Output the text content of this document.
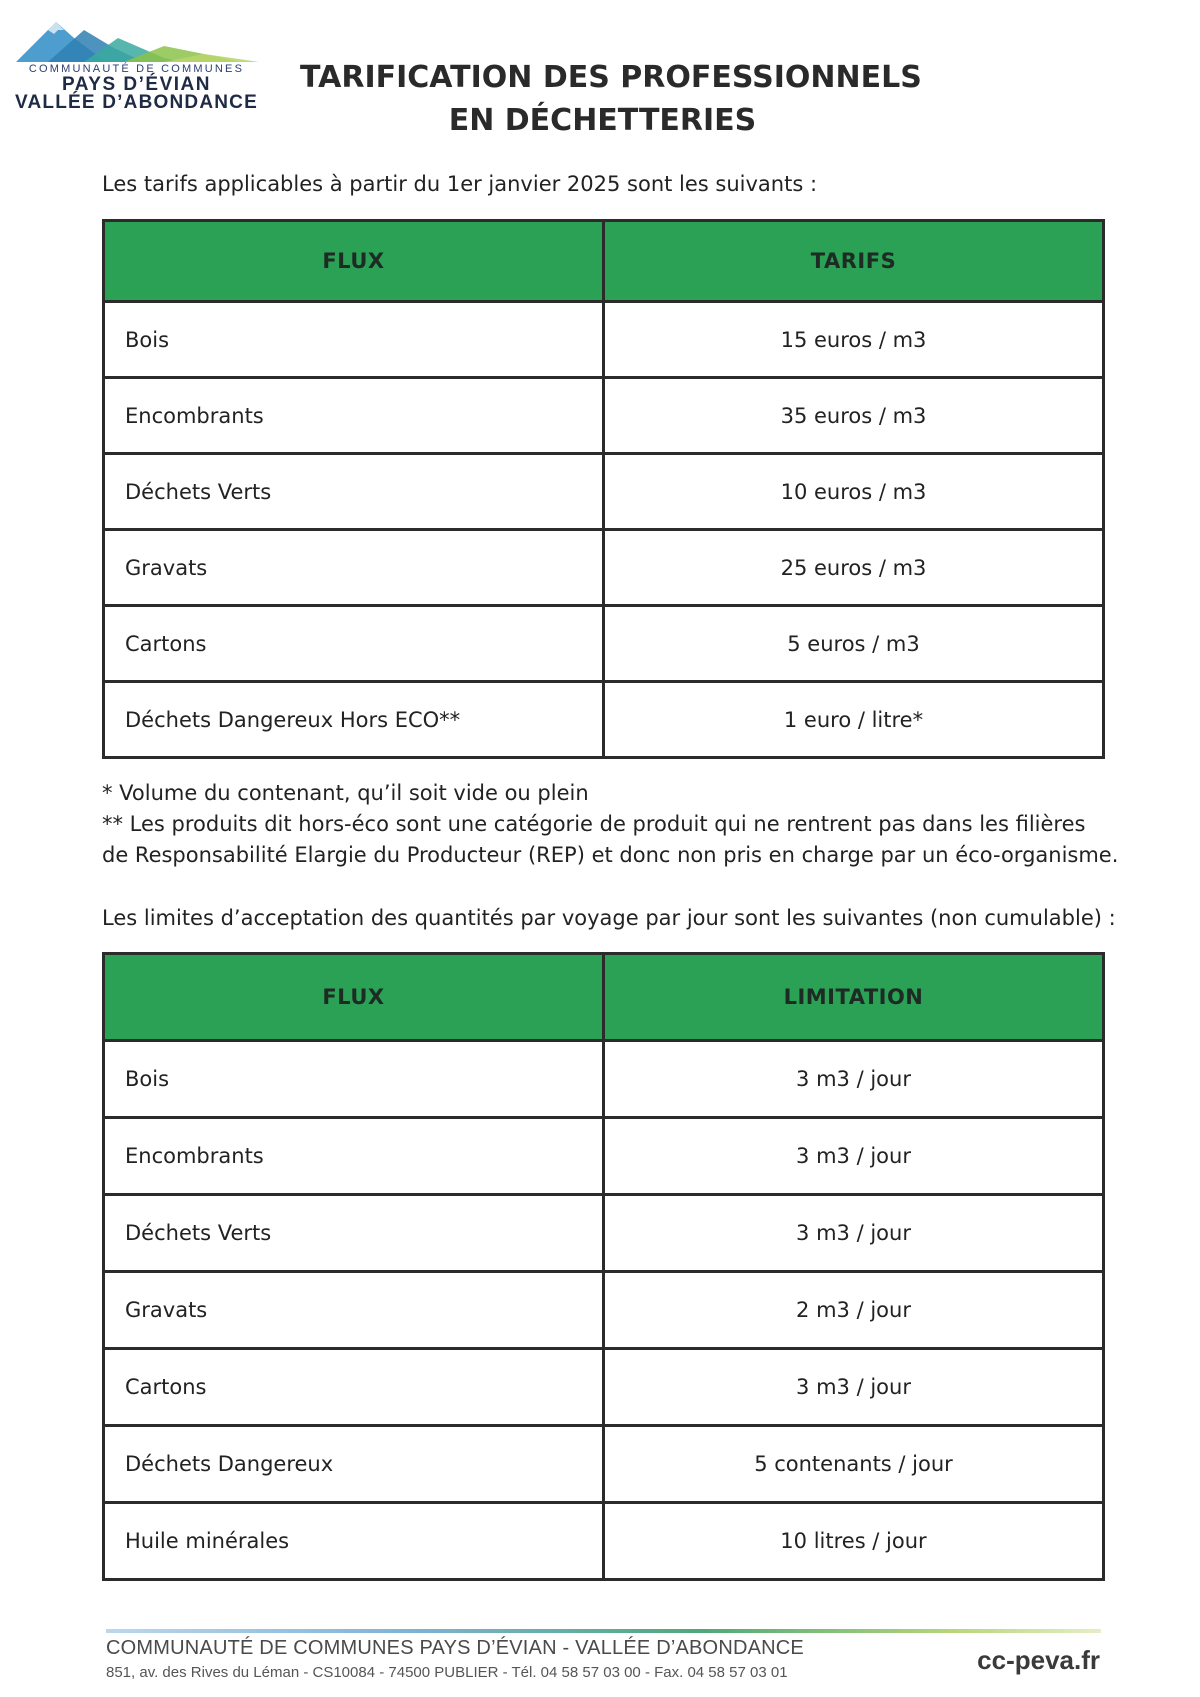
COMMUNAUTÉ DE COMMUNES
PAYS D’ÉVIAN
VALLÉE D’ABONDANCE
TARIFICATION DES PROFESSIONNELS
EN DÉCHETTERIES
Les tarifs applicables à partir du 1er janvier 2025 sont les suivants :
FLUX	TARIFS
Bois	15 euros / m3
Encombrants	35 euros / m3
Déchets Verts	10 euros / m3
Gravats	25 euros / m3
Cartons	5 euros / m3
Déchets Dangereux Hors ECO**	1 euro / litre*
* Volume du contenant, qu’il soit vide ou plein
** Les produits dit hors-éco sont une catégorie de produit qui ne rentrent pas dans les filières
de Responsabilité Elargie du Producteur (REP) et donc non pris en charge par un éco-organisme.
Les limites d’acceptation des quantités par voyage par jour sont les suivantes (non cumulable) :
FLUX	LIMITATION
Bois	3 m3 / jour
Encombrants	3 m3 / jour
Déchets Verts	3 m3 / jour
Gravats	2 m3 / jour
Cartons	3 m3 / jour
Déchets Dangereux	5 contenants / jour
Huile minérales	10 litres / jour
COMMUNAUTÉ DE COMMUNES PAYS D’ÉVIAN - VALLÉE D’ABONDANCE
851, av. des Rives du Léman - CS10084 - 74500 PUBLIER - Tél. 04 58 57 03 00 - Fax. 04 58 57 03 01	cc-peva.fr
